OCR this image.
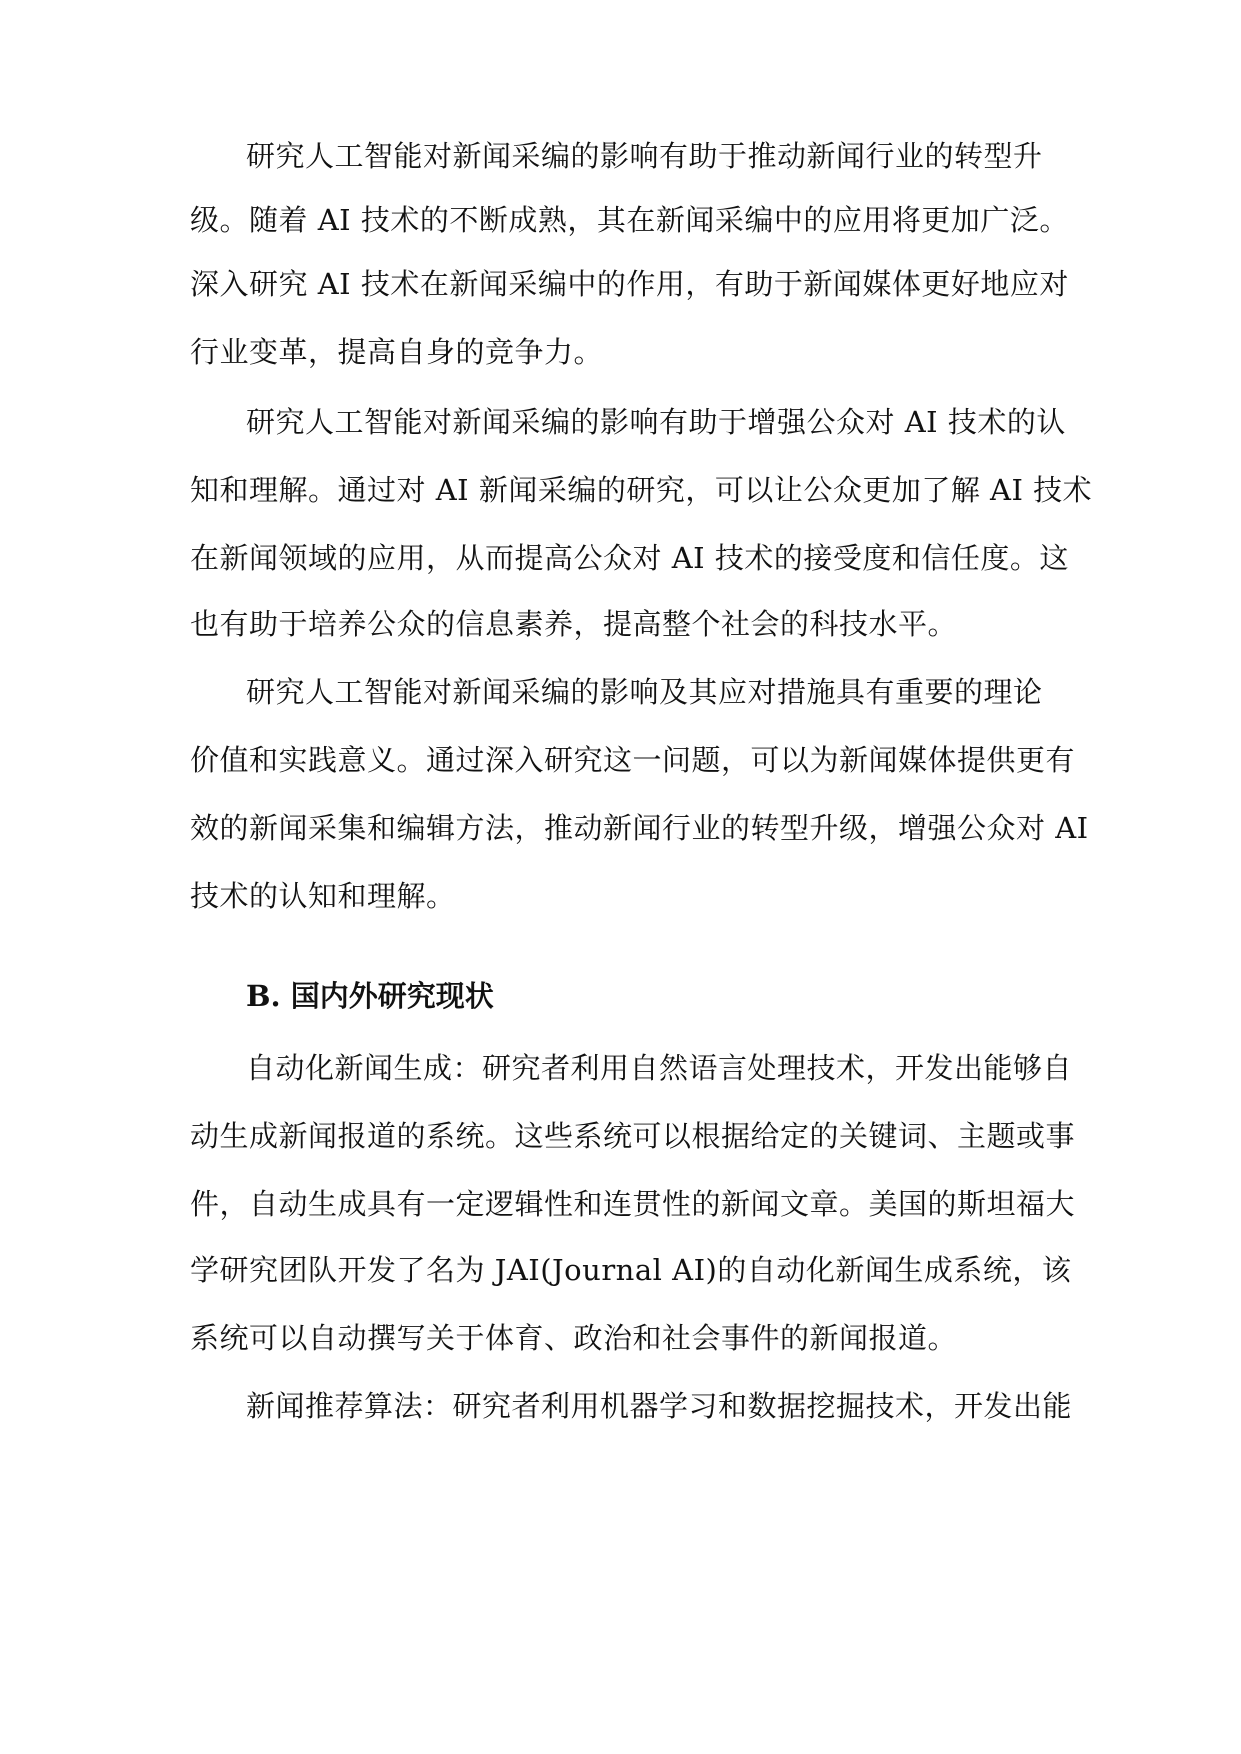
研究人工智能对新闻采编的影响有助于推动新闻行业的转型升
级。随着 AI 技术的不断成熟，其在新闻采编中的应用将更加广泛。
深入研究 AI 技术在新闻采编中的作用，有助于新闻媒体更好地应对
行业变革，提高自身的竞争力。
研究人工智能对新闻采编的影响有助于增强公众对 AI 技术的认
知和理解。通过对 AI 新闻采编的研究，可以让公众更加了解 AI 技术
在新闻领域的应用，从而提高公众对 AI 技术的接受度和信任度。这
也有助于培养公众的信息素养，提高整个社会的科技水平。
研究人工智能对新闻采编的影响及其应对措施具有重要的理论
价值和实践意义。通过深入研究这一问题，可以为新闻媒体提供更有
效的新闻采集和编辑方法，推动新闻行业的转型升级，增强公众对 AI
技术的认知和理解。
B. 国内外研究现状
自动化新闻生成：研究者利用自然语言处理技术，开发出能够自
动生成新闻报道的系统。这些系统可以根据给定的关键词、主题或事
件，自动生成具有一定逻辑性和连贯性的新闻文章。美国的斯坦福大
学研究团队开发了名为 JAI(Journal AI)的自动化新闻生成系统，该
系统可以自动撰写关于体育、政治和社会事件的新闻报道。
新闻推荐算法：研究者利用机器学习和数据挖掘技术，开发出能
